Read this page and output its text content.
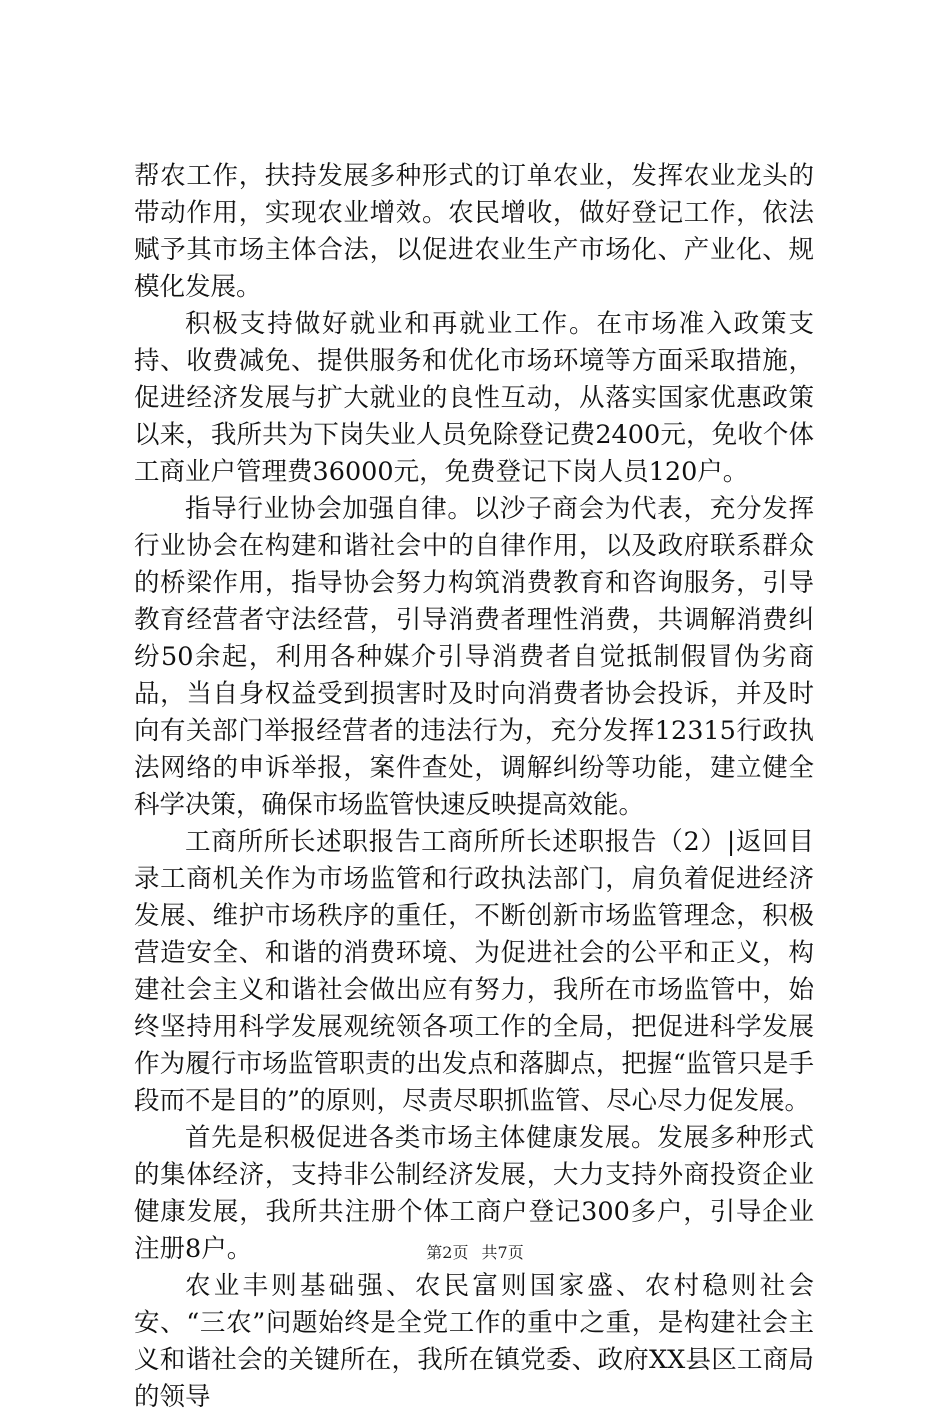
帮农工作，扶持发展多种形式的订单农业，发挥农业龙头的带动作用，实现农业增效。农民增收，做好登记工作，依法赋予其市场主体合法，以促进农业生产市场化、产业化、规模化发展。

积极支持做好就业和再就业工作。在市场准入政策支持、收费减免、提供服务和优化市场环境等方面采取措施，促进经济发展与扩大就业的良性互动，从落实国家优惠政策以来，我所共为下岗失业人员免除登记费2400元，免收个体工商业户管理费36000元，免费登记下岗人员120户。

指导行业协会加强自律。以沙子商会为代表，充分发挥行业协会在构建和谐社会中的自律作用，以及政府联系群众的桥梁作用，指导协会努力构筑消费教育和咨询服务，引导教育经营者守法经营，引导消费者理性消费，共调解消费纠纷50余起，利用各种媒介引导消费者自觉抵制假冒伪劣商品，当自身权益受到损害时及时向消费者协会投诉，并及时向有关部门举报经营者的违法行为，充分发挥12315行政执法网络的申诉举报，案件查处，调解纠纷等功能，建立健全科学决策，确保市场监管快速反映提高效能。

工商所所长述职报告工商所所长述职报告（2）|返回目录工商机关作为市场监管和行政执法部门，肩负着促进经济发展、维护市场秩序的重任，不断创新市场监管理念，积极营造安全、和谐的消费环境、为促进社会的公平和正义，构建社会主义和谐社会做出应有努力，我所在市场监管中，始终坚持用科学发展观统领各项工作的全局，把促进科学发展作为履行市场监管职责的出发点和落脚点，把握“监管只是手段而不是目的”的原则，尽责尽职抓监管、尽心尽力促发展。

首先是积极促进各类市场主体健康发展。发展多种形式的集体经济，支持非公制经济发展，大力支持外商投资企业健康发展，我所共注册个体工商户登记300多户，引导企业注册8户。

农业丰则基础强、农民富则国家盛、农村稳则社会安、“三农”问题始终是全党工作的重中之重，是构建社会主义和谐社会的关键所在，我所在镇党委、政府XX县区工商局的领导

第2页 共7页
